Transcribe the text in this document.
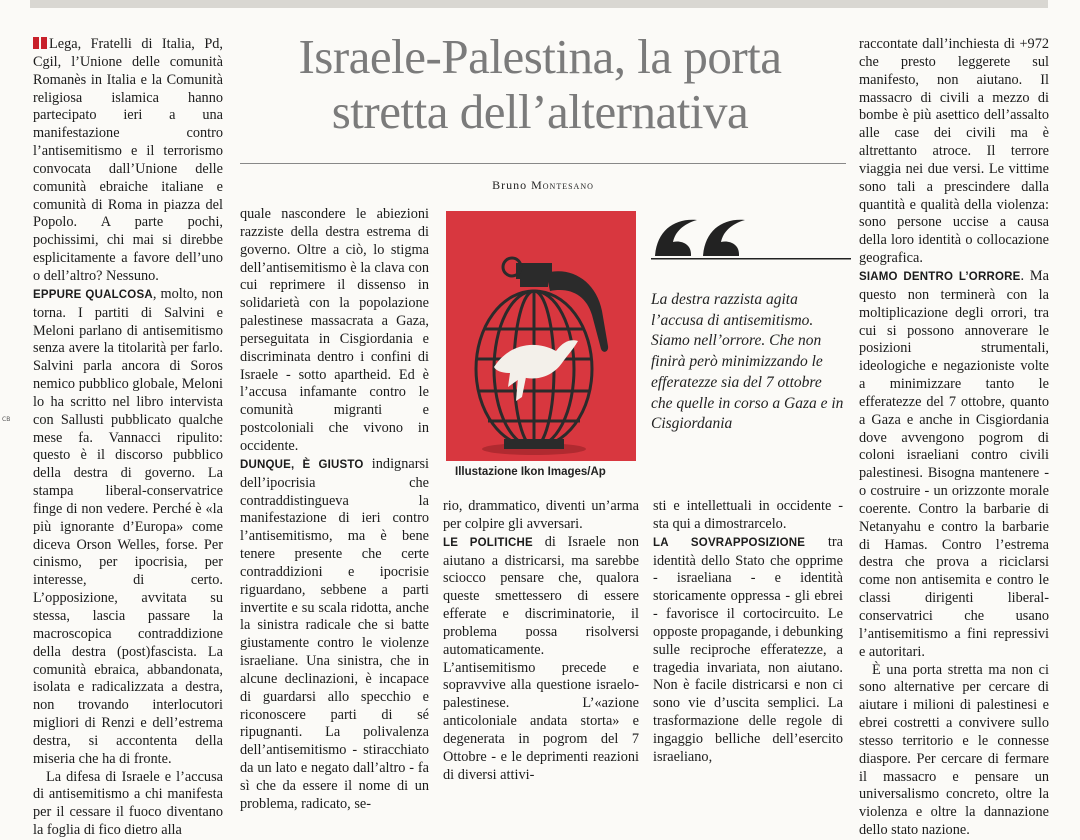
CB

Lega, Fratelli di Italia, Pd, Cgil, l’Unione delle comunità Romanès in Italia e la Comunità religiosa islamica hanno partecipato ieri a una manifestazione contro l’antisemitismo e il terrorismo convocata dall’Unione delle comunità ebraiche italiane e comunità di Roma in piazza del Popolo. A parte pochi, pochissimi, chi mai si direbbe esplicitamente a favore dell’uno o dell’altro? Nessuno.

EPPURE QUALCOSA, molto, non torna. I partiti di Salvini e Meloni parlano di antisemitismo senza avere la titolarità per farlo. Salvini parla ancora di Soros nemico pubblico globale, Meloni lo ha scritto nel libro intervista con Sallusti pubblicato qualche mese fa. Vannacci ripulito: questo è il discorso pubblico della destra di governo. La stampa liberal-conservatrice finge di non vedere. Perché è «la più ignorante d’Europa» come diceva Orson Welles, forse. Per cinismo, per ipocrisia, per interesse, di certo. L’opposizione, avvitata su stessa, lascia passare la macroscopica contraddizione della destra (post)fascista. La comunità ebraica, abbandonata, isolata e radicalizzata a destra, non trovando interlocutori migliori di Renzi e dell’estrema destra, si accontenta della miseria che ha di fronte.

La difesa di Israele e l’accusa di antisemitismo a chi manifesta per il cessare il fuoco diventano la foglia di fico dietro alla

Israele-Palestina, la porta
stretta dell’alternativa
Bruno Montesano

quale nascondere le abiezioni razziste della destra estrema di governo. Oltre a ciò, lo stigma dell’antisemitismo è la clava con cui reprimere il dissenso in solidarietà con la popolazione palestinese massacrata a Gaza, perseguitata in Cisgiordania e discriminata dentro i confini di Israele - sotto apartheid. Ed è l’accusa infamante contro le comunità migranti e postcoloniali che vivono in occidente.

DUNQUE, È GIUSTO indignarsi dell’ipocrisia che contraddistingueva la manifestazione di ieri contro l’antisemitismo, ma è bene tenere presente che certe contraddizioni e ipocrisie riguardano, sebbene a parti invertite e su scala ridotta, anche la sinistra radicale che si batte giustamente contro le violenze israeliane. Una sinistra, che in alcune declinazioni, è incapace di guardarsi allo specchio e riconoscere parti di sé ripugnanti. La polivalenza dell’antisemitismo - stiracchiato da un lato e negato dall’altro - fa sì che da essere il nome di un problema, radicato, se-

Illustazione Ikon Images/Ap
La destra razzista agita l’accusa di antisemitismo. Siamo nell’orrore. Che non finirà però minimizzando le efferatezze sia del 7 ottobre che quelle in corso a Gaza e in Cisgiordania

rio, drammatico, diventi un’arma per colpire gli avversari.

LE POLITICHE di Israele non aiutano a districarsi, ma sarebbe sciocco pensare che, qualora queste smettessero di essere efferate e discriminatorie, il problema possa risolversi automaticamente. L’antisemitismo precede e sopravvive alla questione israelo-palestinese. L’«azione anticoloniale andata storta» e degenerata in pogrom del 7 Ottobre - e le deprimenti reazioni di diversi attivi-

sti e intellettuali in occidente - sta qui a dimostrarcelo.

LA SOVRAPPOSIZIONE tra identità dello Stato che opprime - israeliana - e identità storicamente oppressa - gli ebrei - favorisce il cortocircuito. Le opposte propagande, i debunking sulle reciproche efferatezze, a tragedia invariata, non aiutano. Non è facile districarsi e non ci sono vie d’uscita semplici. La trasformazione delle regole di ingaggio belliche dell’esercito israeliano,

raccontate dall’inchiesta di +972 che presto leggerete sul manifesto, non aiutano. Il massacro di civili a mezzo di bombe è più asettico dell’assalto alle case dei civili ma è altrettanto atroce. Il terrore viaggia nei due versi. Le vittime sono tali a prescindere dalla quantità e qualità della violenza: sono persone uccise a causa della loro identità o collocazione geografica.

SIAMO DENTRO L’ORRORE. Ma questo non terminerà con la moltiplicazione degli orrori, tra cui si possono annoverare le posizioni strumentali, ideologiche e negazioniste volte a minimizzare tanto le efferatezze del 7 ottobre, quanto a Gaza e anche in Cisgiordania dove avvengono pogrom di coloni israeliani contro civili palestinesi. Bisogna mantenere - o costruire - un orizzonte morale coerente. Contro la barbarie di Netanyahu e contro la barbarie di Hamas. Contro l’estrema destra che prova a riciclarsi come non antisemita e contro le classi dirigenti liberal-conservatrici che usano l’antisemitismo a fini repressivi e autoritari.

È una porta stretta ma non ci sono alternative per cercare di aiutare i milioni di palestinesi e ebrei costretti a convivere sullo stesso territorio e le connesse diaspore. Per cercare di fermare il massacro e pensare un universalismo concreto, oltre la violenza e oltre la dannazione dello stato nazione.
